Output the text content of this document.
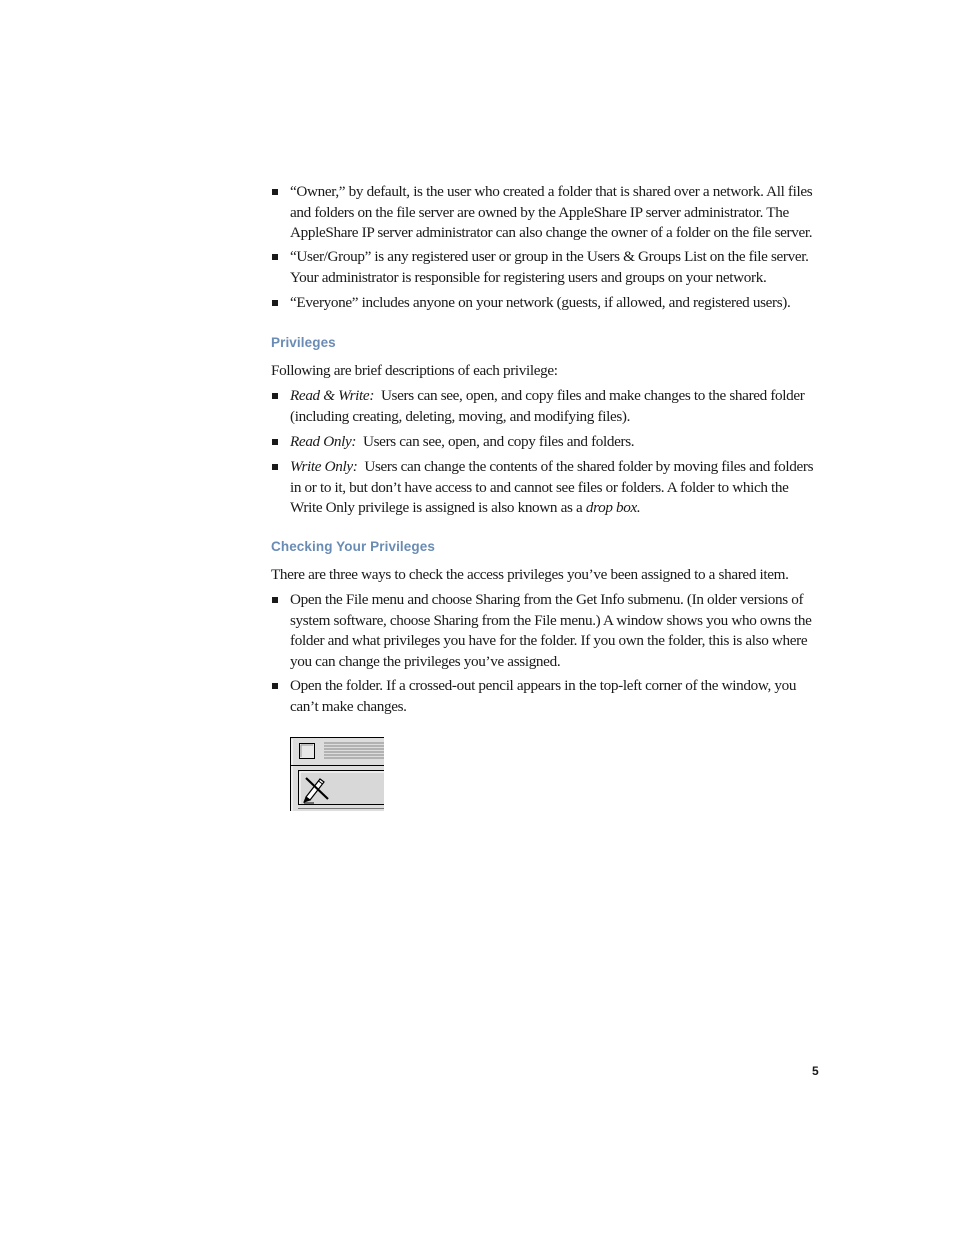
“Owner,” by default, is the user who created a folder that is shared over a network. All files and folders on the file server are owned by the AppleShare IP server administrator. The AppleShare IP server administrator can also change the owner of a folder on the file server.
“User/Group” is any registered user or group in the Users & Groups List on the file server. Your administrator is responsible for registering users and groups on your network.
“Everyone” includes anyone on your network (guests, if allowed, and registered users).
Privileges

Following are brief descriptions of each privilege:

Read & Write: Users can see, open, and copy files and make changes to the shared folder (including creating, deleting, moving, and modifying files).
Read Only: Users can see, open, and copy files and folders.
Write Only: Users can change the contents of the shared folder by moving files and folders in or to it, but don’t have access to and cannot see files or folders. A folder to which the Write Only privilege is assigned is also known as a drop box.
Checking Your Privileges

There are three ways to check the access privileges you’ve been assigned to a shared item.

Open the File menu and choose Sharing from the Get Info submenu. (In older versions of system software, choose Sharing from the File menu.) A window shows you who owns the folder and what privileges you have for the folder. If you own the folder, this is also where you can change the privileges you’ve assigned.
Open the folder. If a crossed-out pencil appears in the top-left corner of the window, you can’t make changes.
5
